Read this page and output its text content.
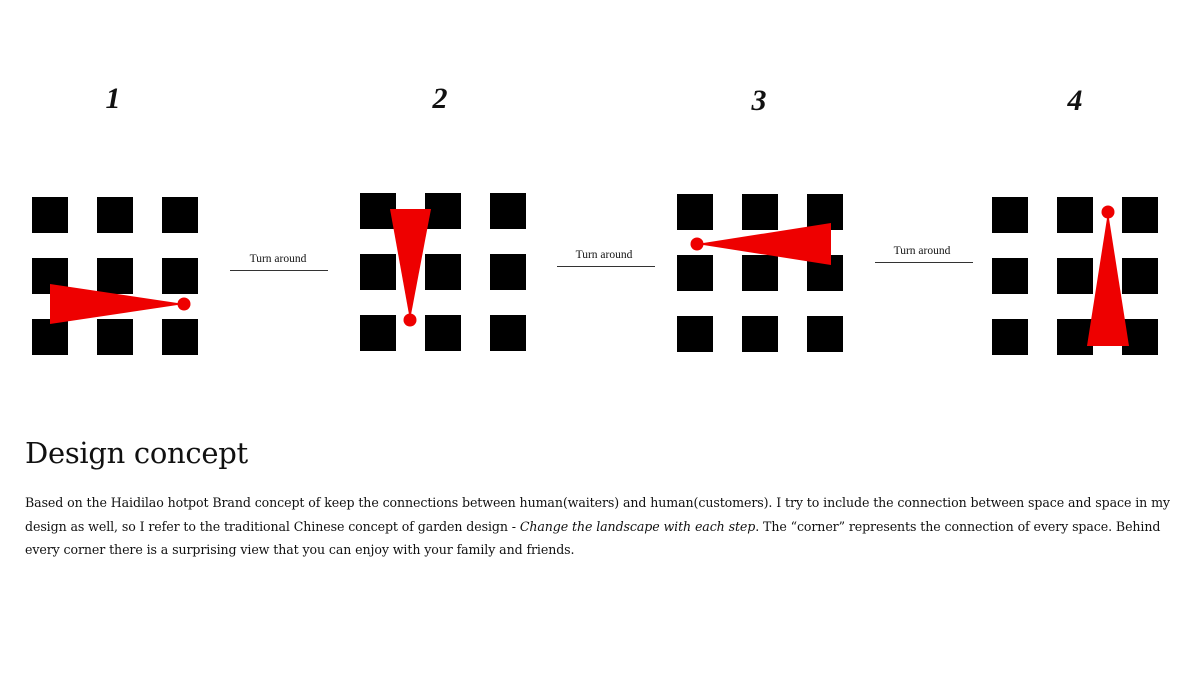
1	2	3	4
Turn around	Turn around	Turn around
Design concept

Based on the Haidilao hotpot Brand concept of keep the connections between human(waiters) and human(customers). I try to include the connection between space and space in my design as well, so I refer to the traditional Chinese concept of garden design - Change the landscape with each step. The “corner” represents the connection of every space. Behind every corner there is a surprising view that you can enjoy with your family and friends.
